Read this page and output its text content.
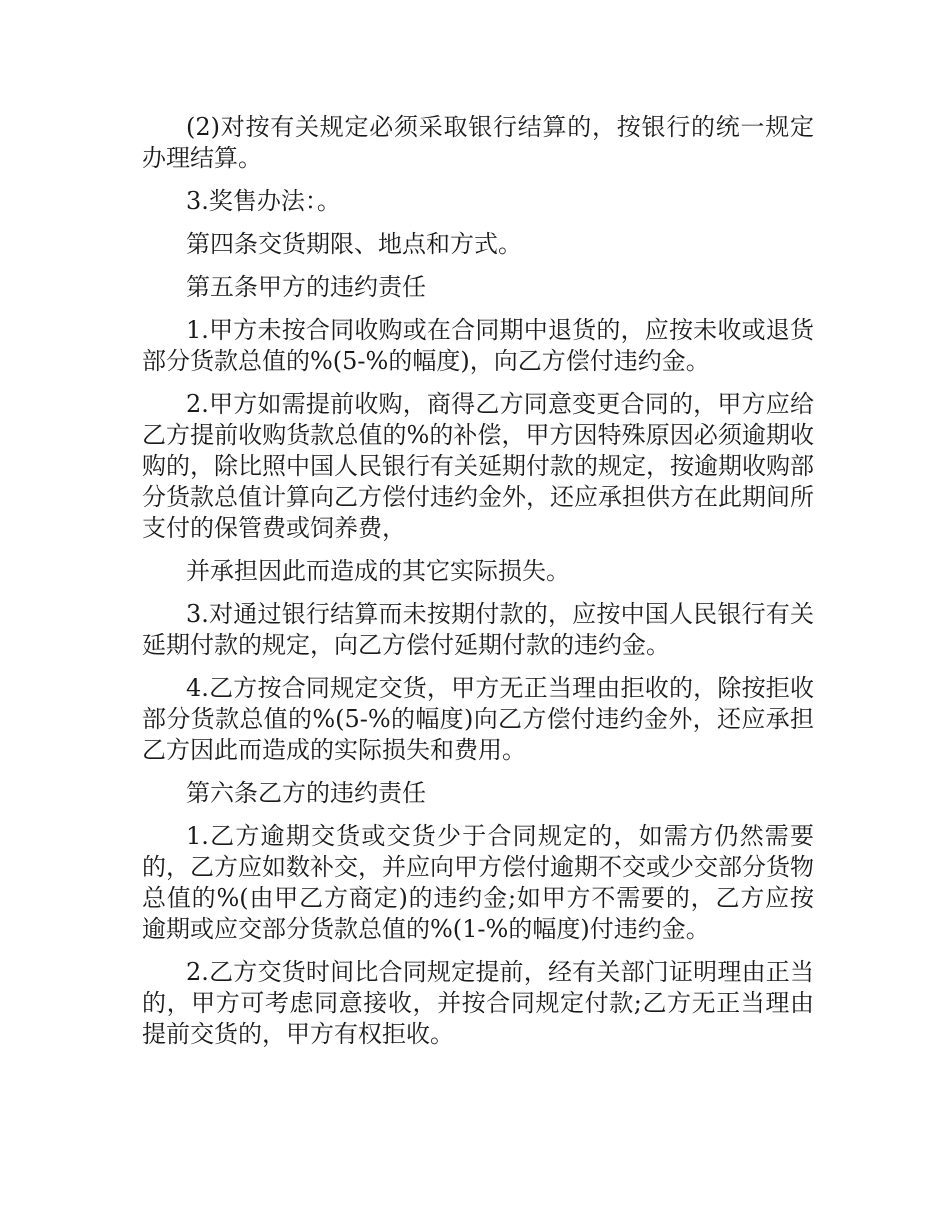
(2)对按有关规定必须采取银行结算的，按银行的统一规定办理结算。

3.奖售办法：。

第四条交货期限、地点和方式。

第五条甲方的违约责任

1.甲方未按合同收购或在合同期中退货的，应按未收或退货部分货款总值的%(5-%的幅度)，向乙方偿付违约金。

2.甲方如需提前收购，商得乙方同意变更合同的，甲方应给乙方提前收购货款总值的%的补偿，甲方因特殊原因必须逾期收购的，除比照中国人民银行有关延期付款的规定，按逾期收购部分货款总值计算向乙方偿付违约金外，还应承担供方在此期间所支付的保管费或饲养费，

并承担因此而造成的其它实际损失。

3.对通过银行结算而未按期付款的，应按中国人民银行有关延期付款的规定，向乙方偿付延期付款的违约金。

4.乙方按合同规定交货，甲方无正当理由拒收的，除按拒收部分货款总值的%(5-%的幅度)向乙方偿付违约金外，还应承担乙方因此而造成的实际损失和费用。

第六条乙方的违约责任

1.乙方逾期交货或交货少于合同规定的，如需方仍然需要的，乙方应如数补交，并应向甲方偿付逾期不交或少交部分货物总值的%(由甲乙方商定)的违约金;如甲方不需要的，乙方应按逾期或应交部分货款总值的%(1-%的幅度)付违约金。

2.乙方交货时间比合同规定提前，经有关部门证明理由正当的，甲方可考虑同意接收，并按合同规定付款;乙方无正当理由提前交货的，甲方有权拒收。
